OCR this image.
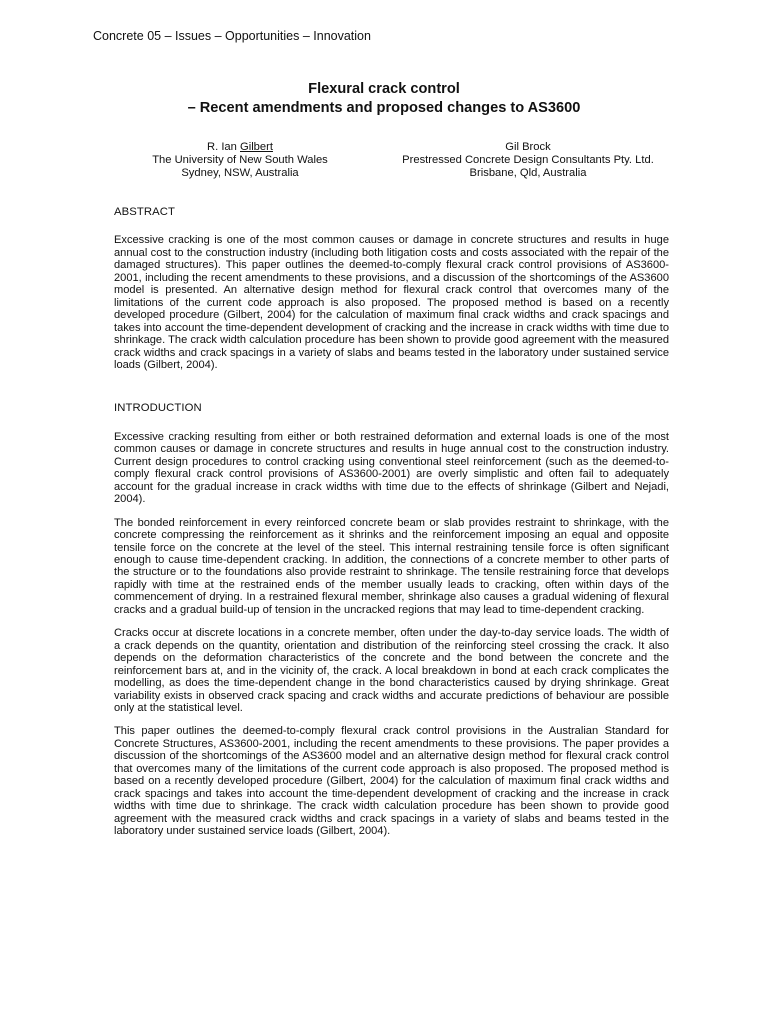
Concrete 05 – Issues – Opportunities – Innovation
Flexural crack control
– Recent amendments and proposed changes to AS3600
R. Ian Gilbert
The University of New South Wales
Sydney, NSW, Australia
Gil Brock
Prestressed Concrete Design Consultants Pty. Ltd.
Brisbane, Qld, Australia
ABSTRACT

Excessive cracking is one of the most common causes or damage in concrete structures and results in huge annual cost to the construction industry (including both litigation costs and costs associated with the repair of the damaged structures). This paper outlines the deemed-to-comply flexural crack control provisions of AS3600-2001, including the recent amendments to these provisions, and a discussion of the shortcomings of the AS3600 model is presented. An alternative design method for flexural crack control that overcomes many of the limitations of the current code approach is also proposed. The proposed method is based on a recently developed procedure (Gilbert, 2004) for the calculation of maximum final crack widths and crack spacings and takes into account the time-dependent development of cracking and the increase in crack widths with time due to shrinkage. The crack width calculation procedure has been shown to provide good agreement with the measured crack widths and crack spacings in a variety of slabs and beams tested in the laboratory under sustained service loads (Gilbert, 2004).

INTRODUCTION

Excessive cracking resulting from either or both restrained deformation and external loads is one of the most common causes or damage in concrete structures and results in huge annual cost to the construction industry. Current design procedures to control cracking using conventional steel reinforcement (such as the deemed-to-comply flexural crack control provisions of AS3600-2001) are overly simplistic and often fail to adequately account for the gradual increase in crack widths with time due to the effects of shrinkage (Gilbert and Nejadi, 2004).

The bonded reinforcement in every reinforced concrete beam or slab provides restraint to shrinkage, with the concrete compressing the reinforcement as it shrinks and the reinforcement imposing an equal and opposite tensile force on the concrete at the level of the steel. This internal restraining tensile force is often significant enough to cause time-dependent cracking. In addition, the connections of a concrete member to other parts of the structure or to the foundations also provide restraint to shrinkage. The tensile restraining force that develops rapidly with time at the restrained ends of the member usually leads to cracking, often within days of the commencement of drying. In a restrained flexural member, shrinkage also causes a gradual widening of flexural cracks and a gradual build-up of tension in the uncracked regions that may lead to time-dependent cracking.

Cracks occur at discrete locations in a concrete member, often under the day-to-day service loads. The width of a crack depends on the quantity, orientation and distribution of the reinforcing steel crossing the crack. It also depends on the deformation characteristics of the concrete and the bond between the concrete and the reinforcement bars at, and in the vicinity of, the crack. A local breakdown in bond at each crack complicates the modelling, as does the time-dependent change in the bond characteristics caused by drying shrinkage. Great variability exists in observed crack spacing and crack widths and accurate predictions of behaviour are possible only at the statistical level.

This paper outlines the deemed-to-comply flexural crack control provisions in the Australian Standard for Concrete Structures, AS3600-2001, including the recent amendments to these provisions. The paper provides a discussion of the shortcomings of the AS3600 model and an alternative design method for flexural crack control that overcomes many of the limitations of the current code approach is also proposed. The proposed method is based on a recently developed procedure (Gilbert, 2004) for the calculation of maximum final crack widths and crack spacings and takes into account the time-dependent development of cracking and the increase in crack widths with time due to shrinkage. The crack width calculation procedure has been shown to provide good agreement with the measured crack widths and crack spacings in a variety of slabs and beams tested in the laboratory under sustained service loads (Gilbert, 2004).
